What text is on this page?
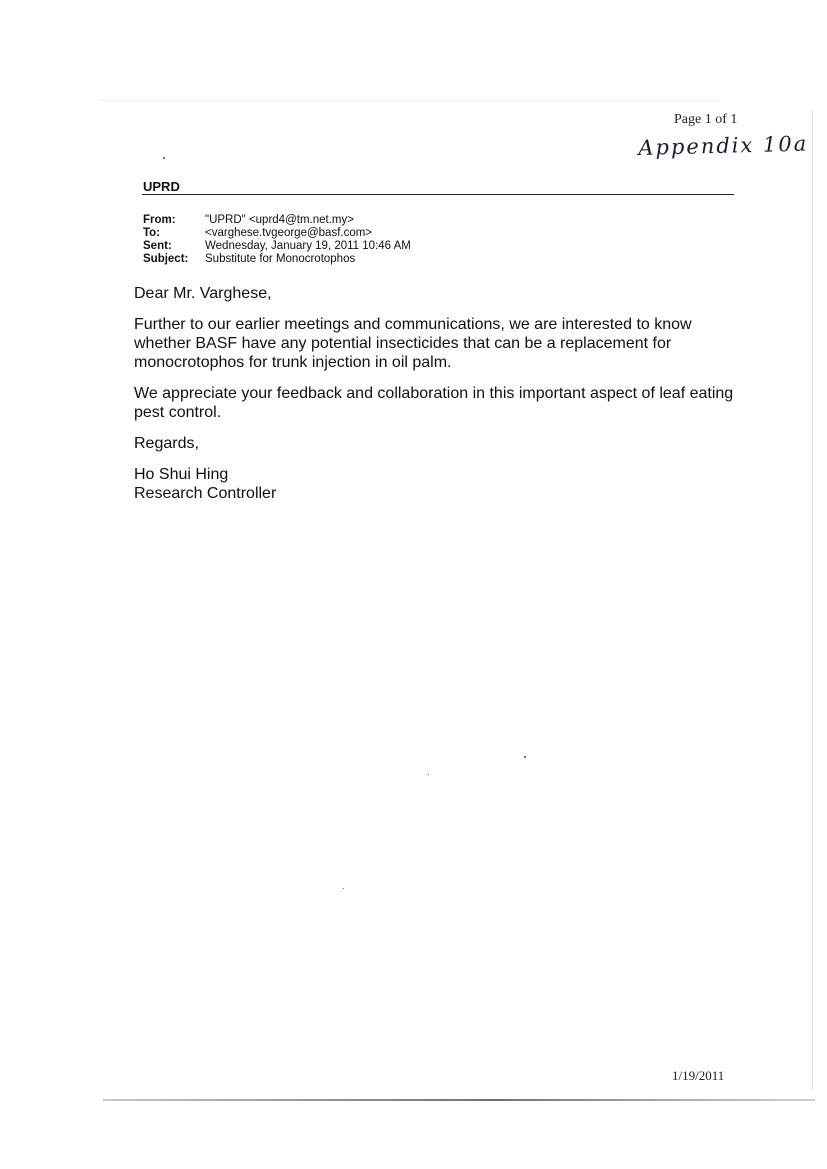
Page 1 of 1
Appendix 10a
UPRD
From:	"UPRD" <uprd4@tm.net.my>
To:	<varghese.tvgeorge@basf.com>
Sent:	Wednesday, January 19, 2011 10:46 AM
Subject:	Substitute for Monocrotophos

Dear Mr. Varghese,

Further to our earlier meetings and communications, we are interested to know whether BASF have any potential insecticides that can be a replacement for monocrotophos for trunk injection in oil palm.

We appreciate your feedback and collaboration in this important aspect of leaf eating pest control.

Regards,

Ho Shui Hing

Research Controller

1/19/2011
